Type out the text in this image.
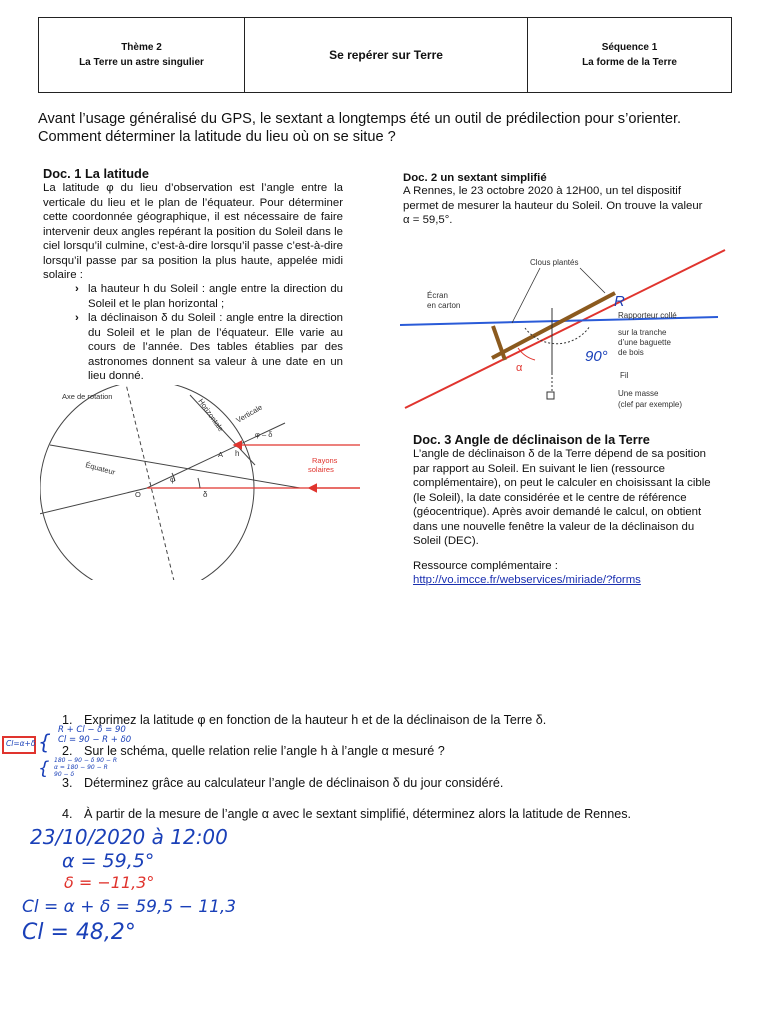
Thème 2
La Terre un astre singulier
Se repérer sur Terre	Séquence 1
La forme de la Terre
Avant l’usage généralisé du GPS, le sextant a longtemps été un outil de prédilection pour s’orienter.
Comment déterminer la latitude du lieu où on se situe ?
Doc. 1 La latitude
La latitude φ du lieu d’observation est l’angle entre la verticale du lieu et le plan de l’équateur. Pour déterminer cette coordonnée géographique, il est nécessaire de faire intervenir deux angles repérant la position du Soleil dans le ciel lorsqu’il culmine, c’est-à-dire lorsqu’il passe c’est-à-dire lorsqu’il passe par sa position la plus haute, appelée midi solaire :
› la hauteur h du Soleil : angle entre la direction du Soleil et le plan horizontal ;
› la déclinaison δ du Soleil : angle entre la direction du Soleil et le plan de l’équateur. Elle varie au cours de l’année. Des tables établies par des astronomes donnent sa valeur à une date en un lieu donné.
Axe de rotation
Horizontale Verticale
φ – δ
h
A
Équateur
φ
O	δ
Rayons
solaires
Doc. 2 un sextant simplifié
A Rennes, le 23 octobre 2020 à 12H00, un tel dispositif permet de mesurer la hauteur du Soleil. On trouve la valeur α = 59,5°.
Clous plantés
Écran
en carton
Rapporteur collé
sur la tranche
d’une baguette
de bois
α
Fil
Une masse
(clef par exemple)
R
90°
Doc. 3 Angle de déclinaison de la Terre
L’angle de déclinaison δ de la Terre dépend de sa position par rapport au Soleil. En suivant le lien (ressource complémentaire), on peut le calculer en choisissant la cible (le Soleil), la date considérée et le centre de référence (géocentrique). Après avoir demandé le calcul, on obtient dans une nouvelle fenêtre la valeur de la déclinaison du Soleil (DEC).
Ressource complémentaire :
http://vo.imcce.fr/webservices/miriade/?forms
1. Exprimez la latitude φ en fonction de la hauteur h et de la déclinaison de la Terre δ.
2. Sur le schéma, quelle relation relie l’angle h à l’angle α mesuré ?
3. Déterminez grâce au calculateur l’angle de déclinaison δ du jour considéré.
4. À partir de la mesure de l’angle α avec le sextant simplifié, déterminez alors la latitude de Rennes.
Cl=α+δ { R + Cl − δ = 90
Cl = 90 − R + δ0
{ 180 − 90 − δ 90 − R
α = 180 − 90 − R
90 − δ
23/10/2020 à 12:00
α = 59,5°
δ = −11,3°
Cl = α + δ = 59,5 − 11,3
Cl = 48,2°
